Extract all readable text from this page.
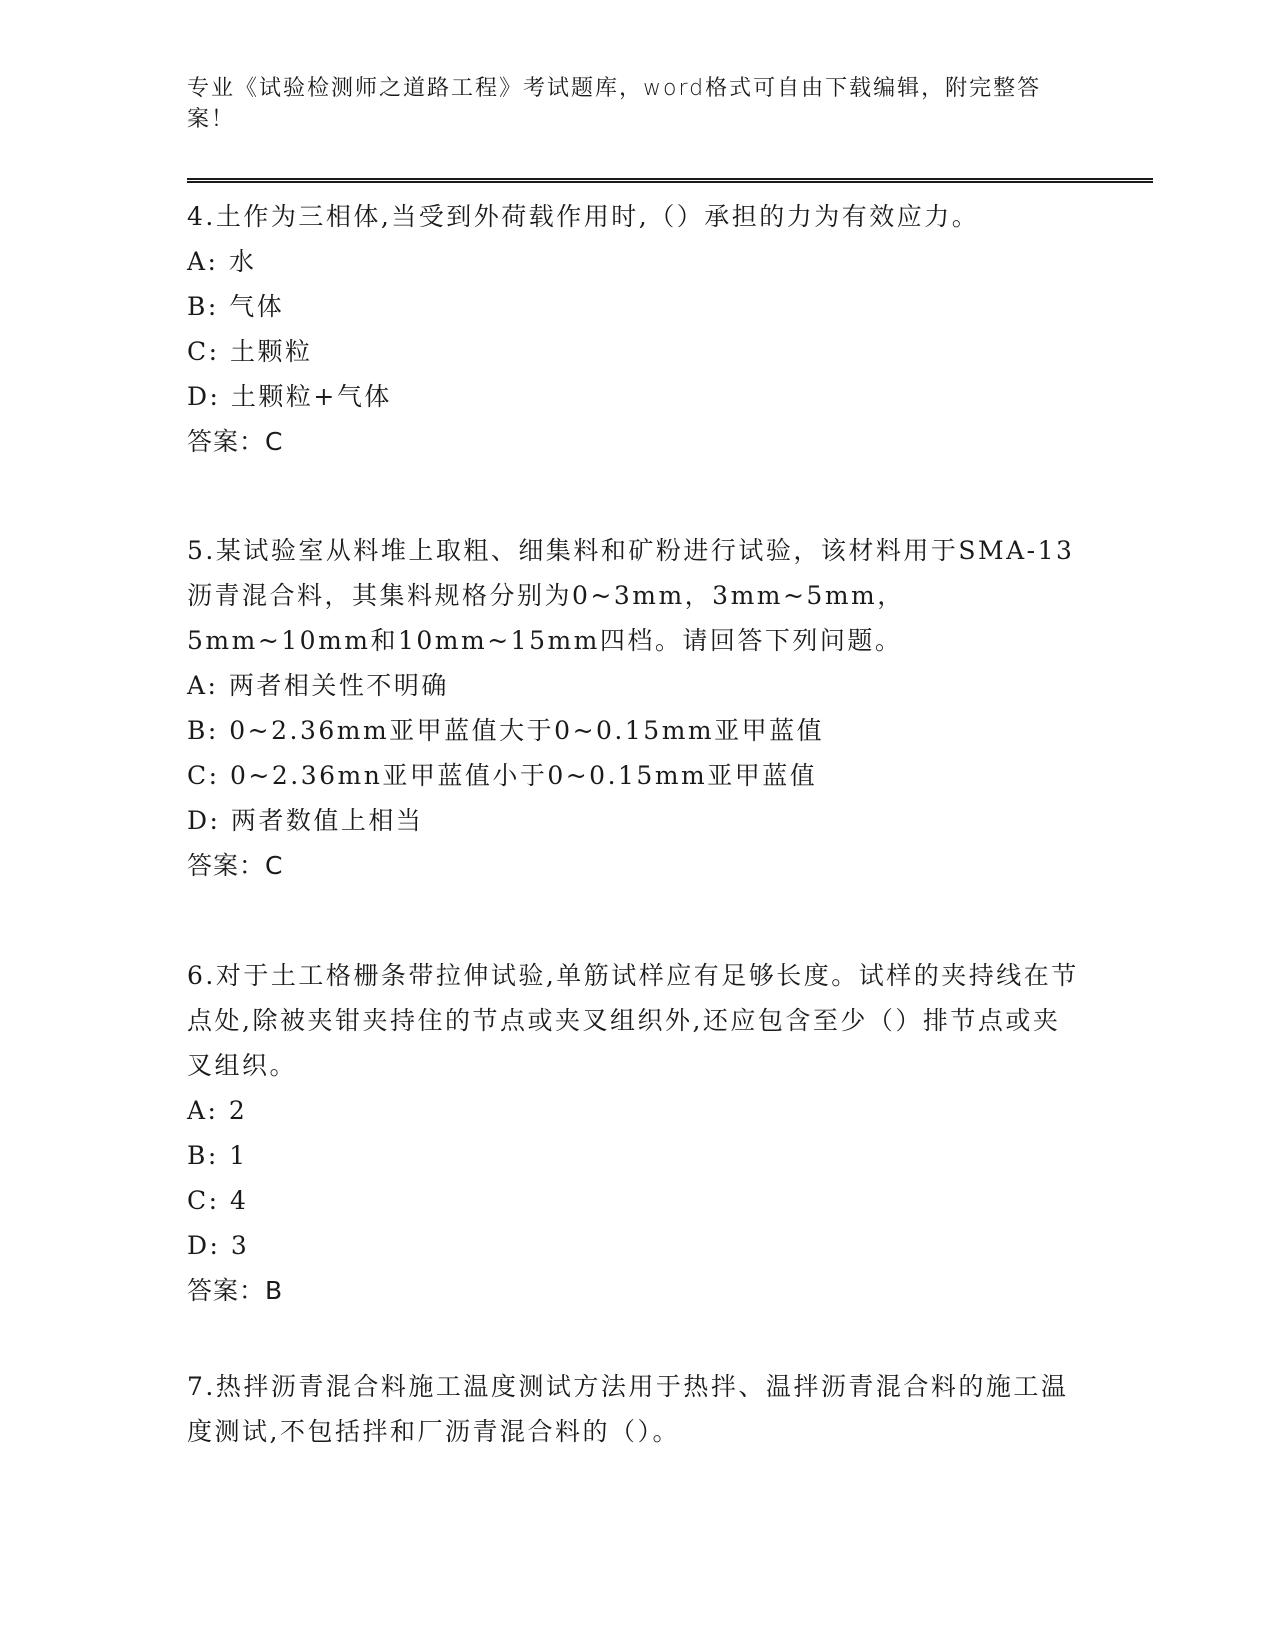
专业《试验检测师之道路工程》考试题库，word格式可自由下载编辑，附完整答案！

4.土作为三相体,当受到外荷载作用时,（）承担的力为有效应力。

A: 水

B: 气体

C: 土颗粒

D: 土颗粒+气体

答案：C

5.某试验室从料堆上取粗、细集料和矿粉进行试验，该材料用于SMA-13沥青混合料，其集料规格分别为0~3mm，3mm~5mm，5mm~10mm和10mm~15mm四档。请回答下列问题。

A: 两者相关性不明确

B: 0~2.36mm亚甲蓝值大于0~0.15mm亚甲蓝值

C: 0~2.36mn亚甲蓝值小于0~0.15mm亚甲蓝值

D: 两者数值上相当

答案：C

6.对于土工格栅条带拉伸试验,单筋试样应有足够长度。试样的夹持线在节点处,除被夹钳夹持住的节点或夹叉组织外,还应包含至少（）排节点或夹叉组织。

A: 2

B: 1

C: 4

D: 3

答案：B

7.热拌沥青混合料施工温度测试方法用于热拌、温拌沥青混合料的施工温度测试,不包括拌和厂沥青混合料的（）。
